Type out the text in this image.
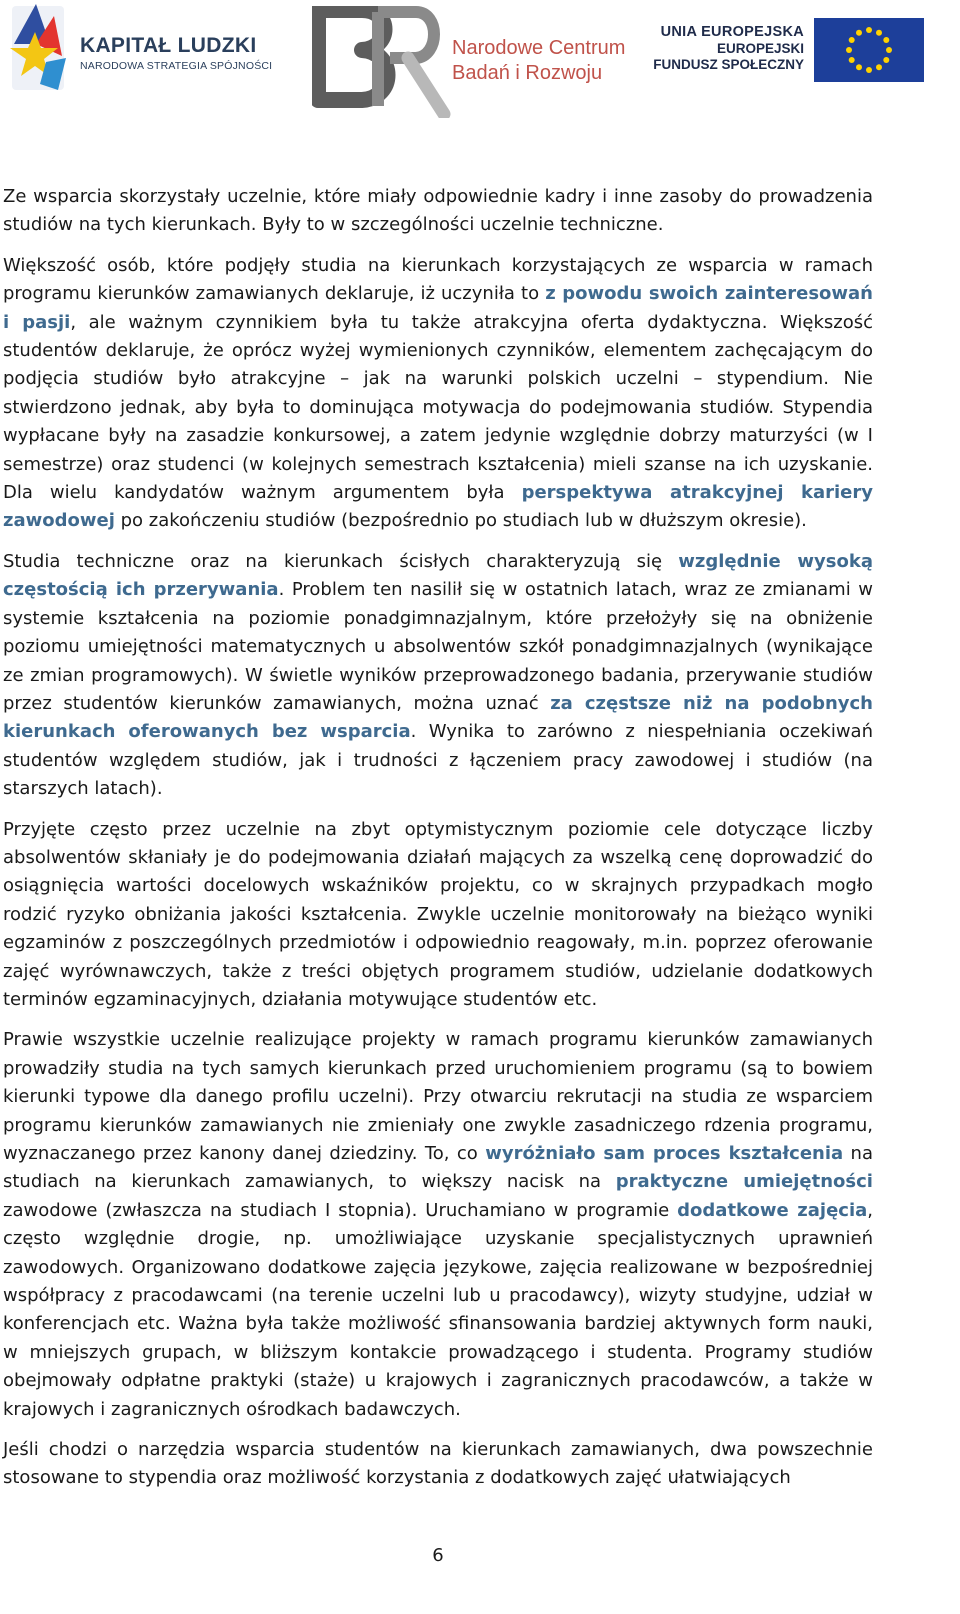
KAPITAŁ LUDZKI
NARODOWA STRATEGIA SPÓJNOŚCI
Narodowe Centrum
Badań i Rozwoju
UNIA EUROPEJSKA
EUROPEJSKI
FUNDUSZ SPOŁECZNY

Ze wsparcia skorzystały uczelnie, które miały odpowiednie kadry i inne zasoby do prowadzenia studiów na tych kierunkach. Były to w szczególności uczelnie techniczne.

Większość osób, które podjęły studia na kierunkach korzystających ze wsparcia w ramach programu kierunków zamawianych deklaruje, iż uczyniła to z powodu swoich zainteresowań i pasji, ale ważnym czynnikiem była tu także atrakcyjna oferta dydaktyczna. Większość studentów deklaruje, że oprócz wyżej wymienionych czynników, elementem zachęcającym do podjęcia studiów było atrakcyjne – jak na warunki polskich uczelni – stypendium. Nie stwierdzono jednak, aby była to dominująca motywacja do podejmowania studiów. Stypendia wypłacane były na zasadzie konkursowej, a zatem jedynie względnie dobrzy maturzyści (w I semestrze) oraz studenci (w kolejnych semestrach kształcenia) mieli szanse na ich uzyskanie. Dla wielu kandydatów ważnym argumentem była perspektywa atrakcyjnej kariery zawodowej po zakończeniu studiów (bezpośrednio po studiach lub w dłuższym okresie).

Studia techniczne oraz na kierunkach ścisłych charakteryzują się względnie wysoką częstością ich przerywania. Problem ten nasilił się w ostatnich latach, wraz ze zmianami w systemie kształcenia na poziomie ponadgimnazjalnym, które przełożyły się na obniżenie poziomu umiejętności matematycznych u absolwentów szkół ponadgimnazjalnych (wynikające ze zmian programowych). W świetle wyników przeprowadzonego badania, przerywanie studiów przez studentów kierunków zamawianych, można uznać za częstsze niż na podobnych kierunkach oferowanych bez wsparcia. Wynika to zarówno z niespełniania oczekiwań studentów względem studiów, jak i trudności z łączeniem pracy zawodowej i studiów (na starszych latach).

Przyjęte często przez uczelnie na zbyt optymistycznym poziomie cele dotyczące liczby absolwentów skłaniały je do podejmowania działań mających za wszelką cenę doprowadzić do osiągnięcia wartości docelowych wskaźników projektu, co w skrajnych przypadkach mogło rodzić ryzyko obniżania jakości kształcenia. Zwykle uczelnie monitorowały na bieżąco wyniki egzaminów z poszczególnych przedmiotów i odpowiednio reagowały, m.in. poprzez oferowanie zajęć wyrównawczych, także z treści objętych programem studiów, udzielanie dodatkowych terminów egzaminacyjnych, działania motywujące studentów etc.

Prawie wszystkie uczelnie realizujące projekty w ramach programu kierunków zamawianych prowadziły studia na tych samych kierunkach przed uruchomieniem programu (są to bowiem kierunki typowe dla danego profilu uczelni). Przy otwarciu rekrutacji na studia ze wsparciem programu kierunków zamawianych nie zmieniały one zwykle zasadniczego rdzenia programu, wyznaczanego przez kanony danej dziedziny. To, co wyróżniało sam proces kształcenia na studiach na kierunkach zamawianych, to większy nacisk na praktyczne umiejętności zawodowe (zwłaszcza na studiach I stopnia). Uruchamiano w programie dodatkowe zajęcia, często względnie drogie, np. umożliwiające uzyskanie specjalistycznych uprawnień zawodowych. Organizowano dodatkowe zajęcia językowe, zajęcia realizowane w bezpośredniej współpracy z pracodawcami (na terenie uczelni lub u pracodawcy), wizyty studyjne, udział w konferencjach etc. Ważna była także możliwość sfinansowania bardziej aktywnych form nauki, w mniejszych grupach, w bliższym kontakcie prowadzącego i studenta. Programy studiów obejmowały odpłatne praktyki (staże) u krajowych i zagranicznych pracodawców, a także w krajowych i zagranicznych ośrodkach badawczych.

Jeśli chodzi o narzędzia wsparcia studentów na kierunkach zamawianych, dwa powszechnie stosowane to stypendia oraz możliwość korzystania z dodatkowych zajęć ułatwiających

6
